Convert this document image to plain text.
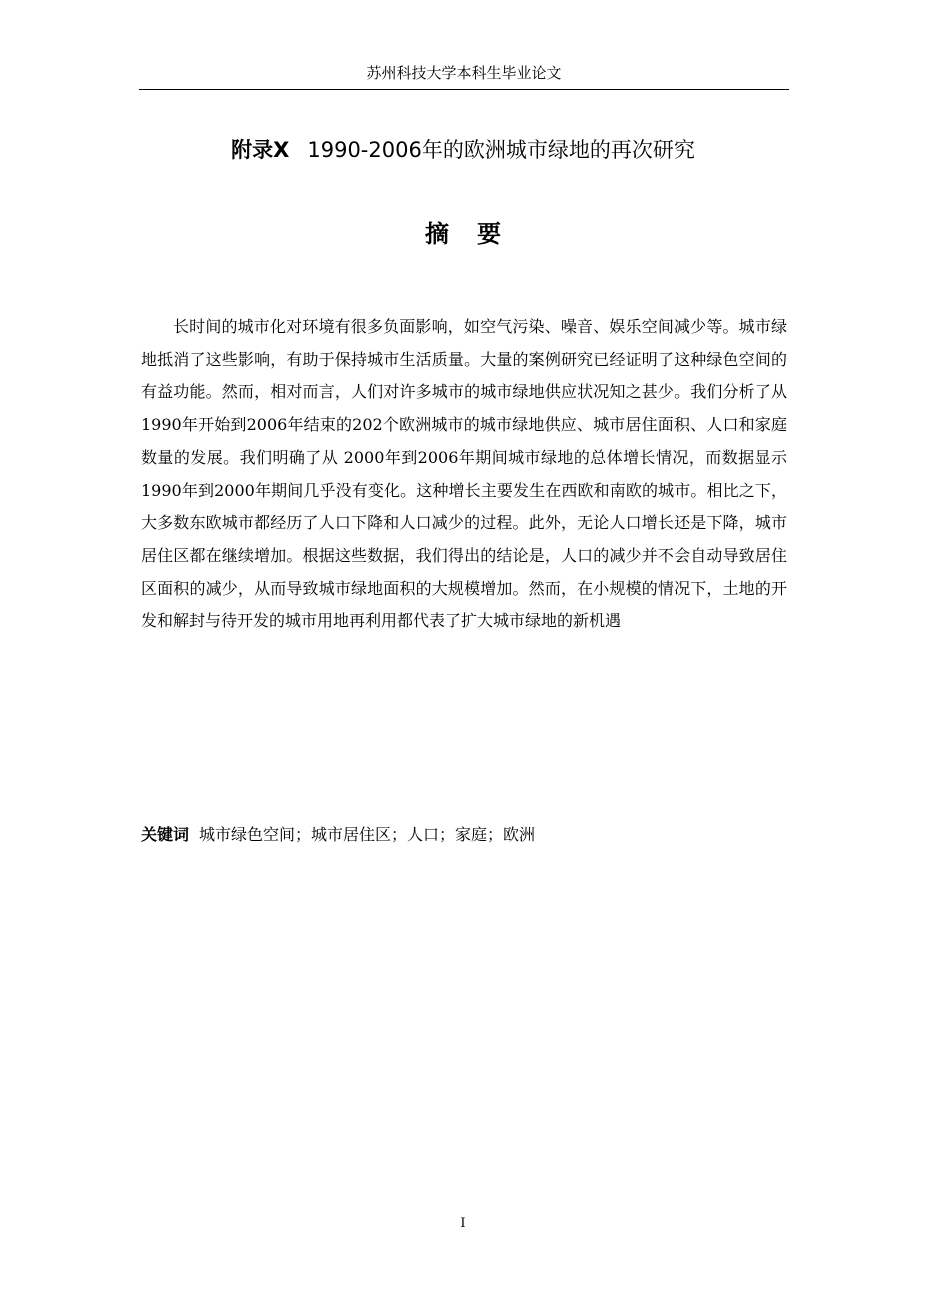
苏州科技大学本科生毕业论文
附录X 1990-2006年的欧洲城市绿地的再次研究
摘要

长时间的城市化对环境有很多负面影响，如空气污染、噪音、娱乐空间减少等。城市绿地抵消了这些影响，有助于保持城市生活质量。大量的案例研究已经证明了这种绿色空间的有益功能。然而，相对而言，人们对许多城市的城市绿地供应状况知之甚少。我们分析了从1990年开始到2006年结束的202个欧洲城市的城市绿地供应、城市居住面积、人口和家庭数量的发展。我们明确了从 2000年到2006年期间城市绿地的总体增长情况，而数据显示1990年到2000年期间几乎没有变化。这种增长主要发生在西欧和南欧的城市。相比之下，大多数东欧城市都经历了人口下降和人口减少的过程。此外，无论人口增长还是下降，城市居住区都在继续增加。根据这些数据，我们得出的结论是，人口的减少并不会自动导致居住区面积的减少，从而导致城市绿地面积的大规模增加。然而，在小规模的情况下，土地的开发和解封与待开发的城市用地再利用都代表了扩大城市绿地的新机遇

关键词 城市绿色空间；城市居住区；人口；家庭；欧洲
I
